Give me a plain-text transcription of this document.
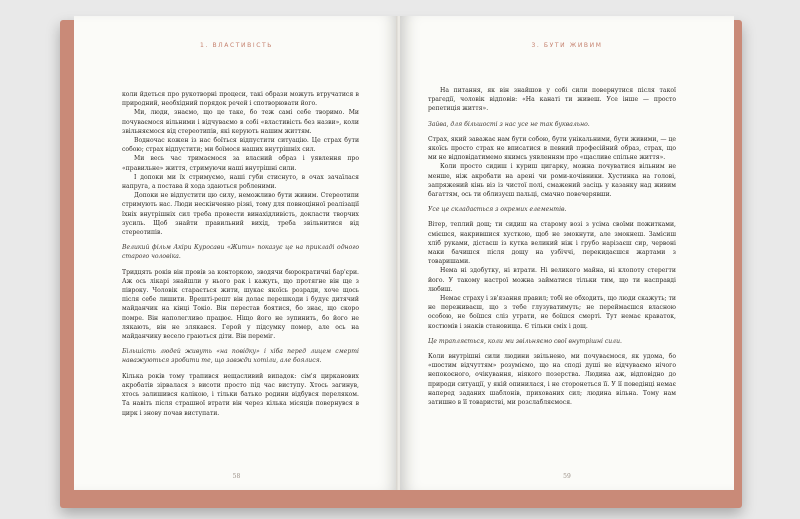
1. ВЛАСТИВІСТЬ

коли йдеться про рукотворні процеси, такі образи можуть втручатися в природний, необхідний порядок речей і спотворювати його.

Ми, люди, знаємо, що це таке, бо теж самі себе творимо. Ми почуваємося вільними і відчуваємо в собі «властивість без назви», коли звільняємося від стереотипів, які керують нашим життям.

Водночас кожен із нас боїться відпустити ситуацію. Це страх бути собою; страх відпустити; ми боїмося наших внутрішніх сил.

Ми весь час тримаємося за власний образ і уявлення про «правильне» життя, стримуючи наші внутрішні сили.

І допоки ми їх стримуємо, наші губи стиснуто, в очах зачаїлася напруга, а постава й хода здаються робленими.

Допоки не відпустити цю силу, неможливо бути живим. Стереотипи стримують нас. Люди нескінченно різні, тому для повноцінної реалізації їхніх внутрішніх сил треба провести винахідливість, докласти творчих зусиль. Щоб знайти правильний вихід, треба звільнитися від стереотипів.

Великий фільм Акіри Куросави «Жити» показує це на прикладі одного старого чоловіка.

Тридцять років він провів за конторкою, зводячи бюрократичні бар'єри. Аж ось лікарі знайшли у нього рак і кажуть, що протягне він ще з півроку. Чоловік старається жити, шукає якоїсь розради, хоче щось після себе лишити. Врешті-решт він долає перешкоди і будує дитячий майданчик на кінці Токіо. Він перестав боятися, бо знає, що скоро помре. Він наполегливо працює. Ніщо його не зупинить, бо його не лякають, він не злякався. Герой у підсумку помер, але ось на майданчику весело граються діти. Він переміг.

Більшість людей живуть «на повідку» і хіба перед лицем смерті наважуються зробити те, що завжди хотіли, але боялися.

Кілька років тому трапився нещасливий випадок: сім'я цирканових акробатів зірвалася з висоти просто під час виступу. Хтось загинув, хтось залишився калікою, і тільки батько родини відбувся переляком. Та навіть після страшної втрати він через кілька місяців повернувся в цирк і знову почав виступати.

58
3. БУТИ ЖИВИМ

На питання, як він знайшов у собі сили повернутися після такої трагедії, чоловік відповів: «На канаті ти живеш. Усе інше — просто репетиція життя».

Зайва, для більшості з нас усе не так буквально.

Страх, який заважає нам бути собою, бути унікальними, бути живими, — це якоїсь просто страх не вписатися в певний професійний образ, страх, що ми не відповідатимемо якимсь уявленням про «щасливе спільне життя».

Коли просто сидиш і куриш цигарку, можна почуватися вільним не менше, ніж акробати на арені чи роми-кочівники. Хустинка на голові, запряжений кінь віз із чистої полі, смажений засіць у казанку над живим багаттям, ось ти облизуєш пальці, смачно повечерявши.

Усе це складається з окремих елементів.

Вітер, теплий дощ; ти сидиш на старому возі з усіма своїми пожитками, смієшся, накрившися хусткою, щоб не змокнути, але змокнеш. Замісиш хліб руками, дістаєш із кутка великий ніж і грубо нарізаєш сир, червоні маки бачишся після дощу на узбіччі, перекидаєшся жартами з товаришами.

Нема ні здобутку, ні втрати. Ні великого майна, ні клопоту стерегти його. У такому настрої можна займатися тільки тим, що ти насправді любиш.

Немає страху і зв'язання правил; тобі не обходить, що люди скажуть; ти не переживаєш, що з тебе глузуватимуть; не переймаєшся власною особою, не боїшся сліз утрати, не боїшся смерті. Тут немає краваток, костюмів і знаків становища. Є тільки сміх і дощ.

Це трапляється, коли ми звільняємо свої внутрішні сили.

Коли внутрішні сили людини звільнено, ми почуваємося, як удома, бо «шостим відчуттям» розуміємо, що на споді душі не відчуваємо нічого непокоєного, очікування, ніякого позерства. Людина аж, відповідно до природи ситуації, у якій опинилася, і не сторонеться її. У її поведінці немає наперед заданих шаблонів, прихованих сил; людина вільна. Тому нам затишно в її товаристві, ми розслабляємося.

59
